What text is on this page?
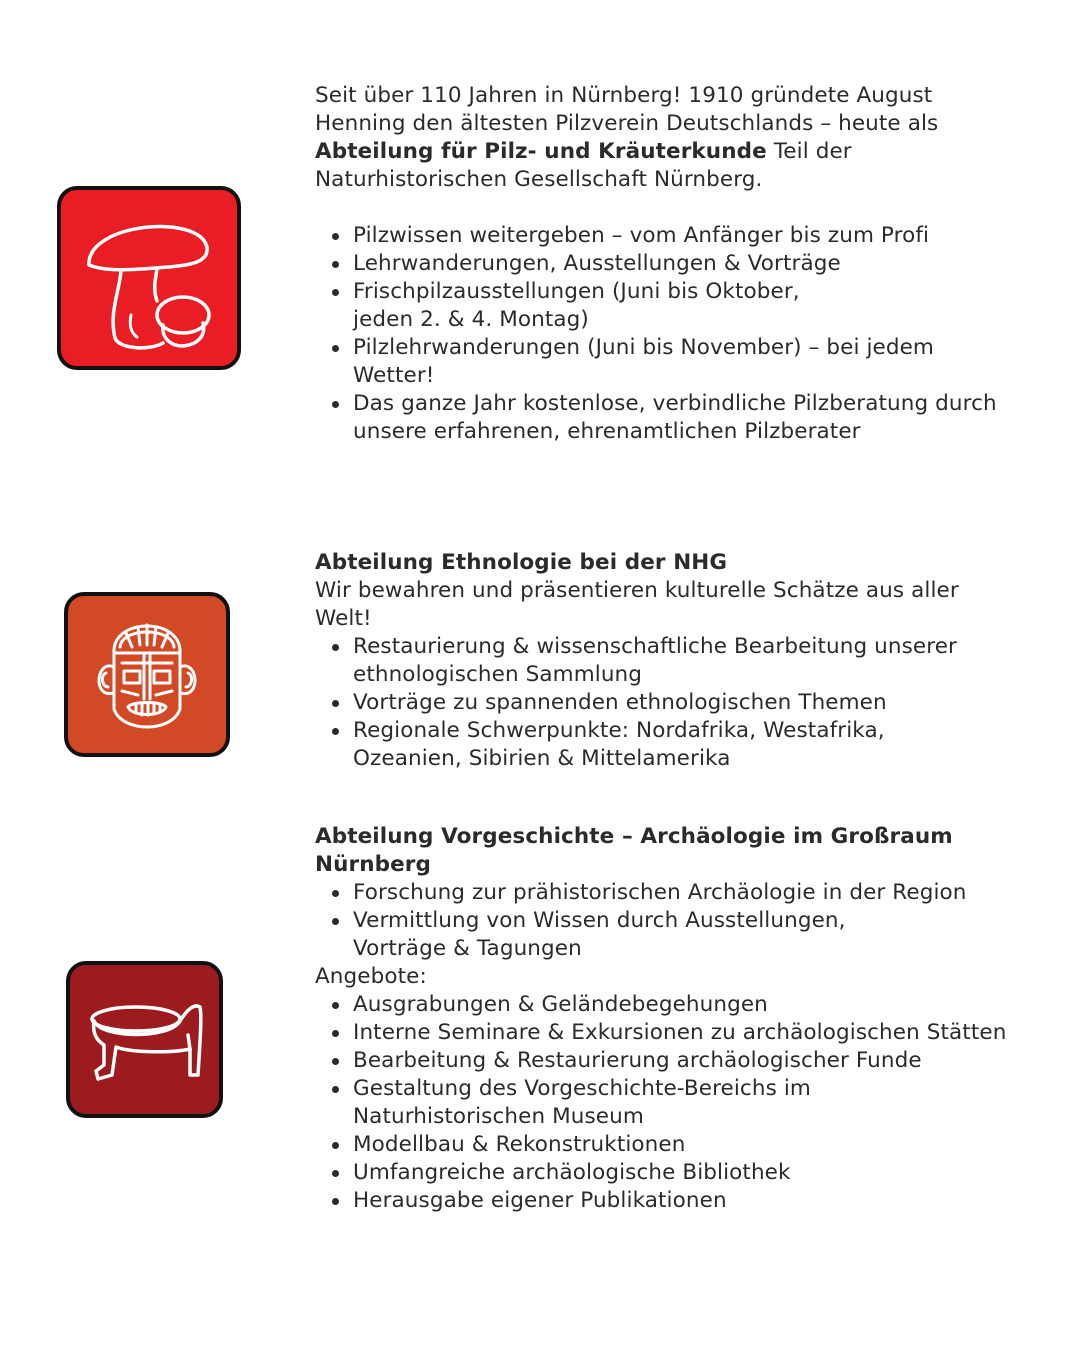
Seit über 110 Jahren in Nürnberg! 1910 gründete August Henning den ältesten Pilzverein Deutschlands – heute als Abteilung für Pilz- und Kräuterkunde Teil der Naturhistorischen Gesellschaft Nürnberg.

Pilzwissen weitergeben – vom Anfänger bis zum Profi
Lehrwanderungen, Ausstellungen & Vorträge
Frischpilzausstellungen (Juni bis Oktober, jeden 2. & 4. Montag)
Pilzlehrwanderungen (Juni bis November) – bei jedem Wetter!
Das ganze Jahr kostenlose, verbindliche Pilzberatung durch unsere erfahrenen, ehrenamtlichen Pilzberater

Abteilung Ethnologie bei der NHG

Wir bewahren und präsentieren kulturelle Schätze aus aller Welt!

Restaurierung & wissenschaftliche Bearbeitung unserer ethnologischen Sammlung
Vorträge zu spannenden ethnologischen Themen
Regionale Schwerpunkte: Nordafrika, Westafrika, Ozeanien, Sibirien & Mittelamerika

Abteilung Vorgeschichte – Archäologie im Großraum Nürnberg

Forschung zur prähistorischen Archäologie in der Region
Vermittlung von Wissen durch Ausstellungen, Vorträge & Tagungen

Angebote:

Ausgrabungen & Geländebegehungen
Interne Seminare & Exkursionen zu archäologischen Stätten
Bearbeitung & Restaurierung archäologischer Funde
Gestaltung des Vorgeschichte-Bereichs im Naturhistorischen Museum
Modellbau & Rekonstruktionen
Umfangreiche archäologische Bibliothek
Herausgabe eigener Publikationen
